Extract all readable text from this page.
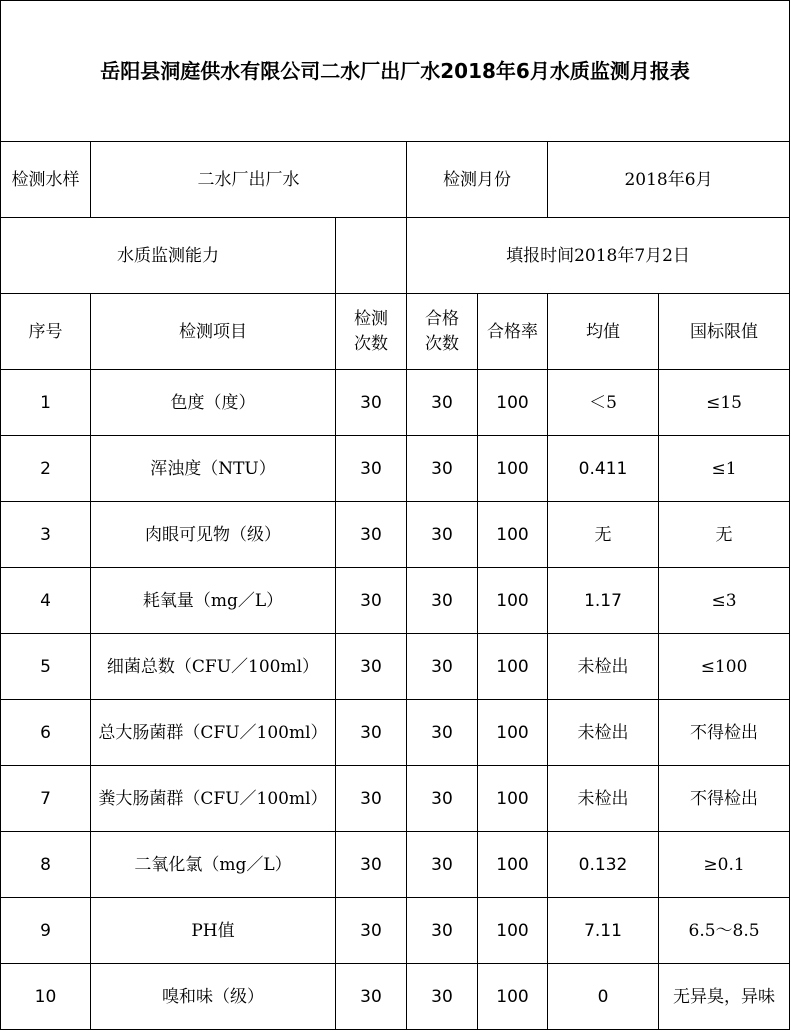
岳阳县洞庭供水有限公司二水厂出厂水2018年6月水质监测月报表						
检测水样	二水厂出厂水		检测月份		2018年6月	
水质监测能力			填报时间2018年7月2日			
序号	检测项目	检测次数	合格次数	合格率	均值	国标限值
1	色度（度）	30	30	100	＜5	≤15
2	浑浊度（NTU）	30	30	100	0.411	≤1
3	肉眼可见物（级）	30	30	100	无	无
4	耗氧量（mg／L）	30	30	100	1.17	≤3
5	细菌总数（CFU／100ml）	30	30	100	未检出	≤100
6	总大肠菌群（CFU／100ml）	30	30	100	未检出	不得检出
7	粪大肠菌群（CFU／100ml）	30	30	100	未检出	不得检出
8	二氧化氯（mg／L）	30	30	100	0.132	≥0.1
9	PH值	30	30	100	7.11	6.5～8.5
10	嗅和味（级）	30	30	100	0	无异臭，异味
